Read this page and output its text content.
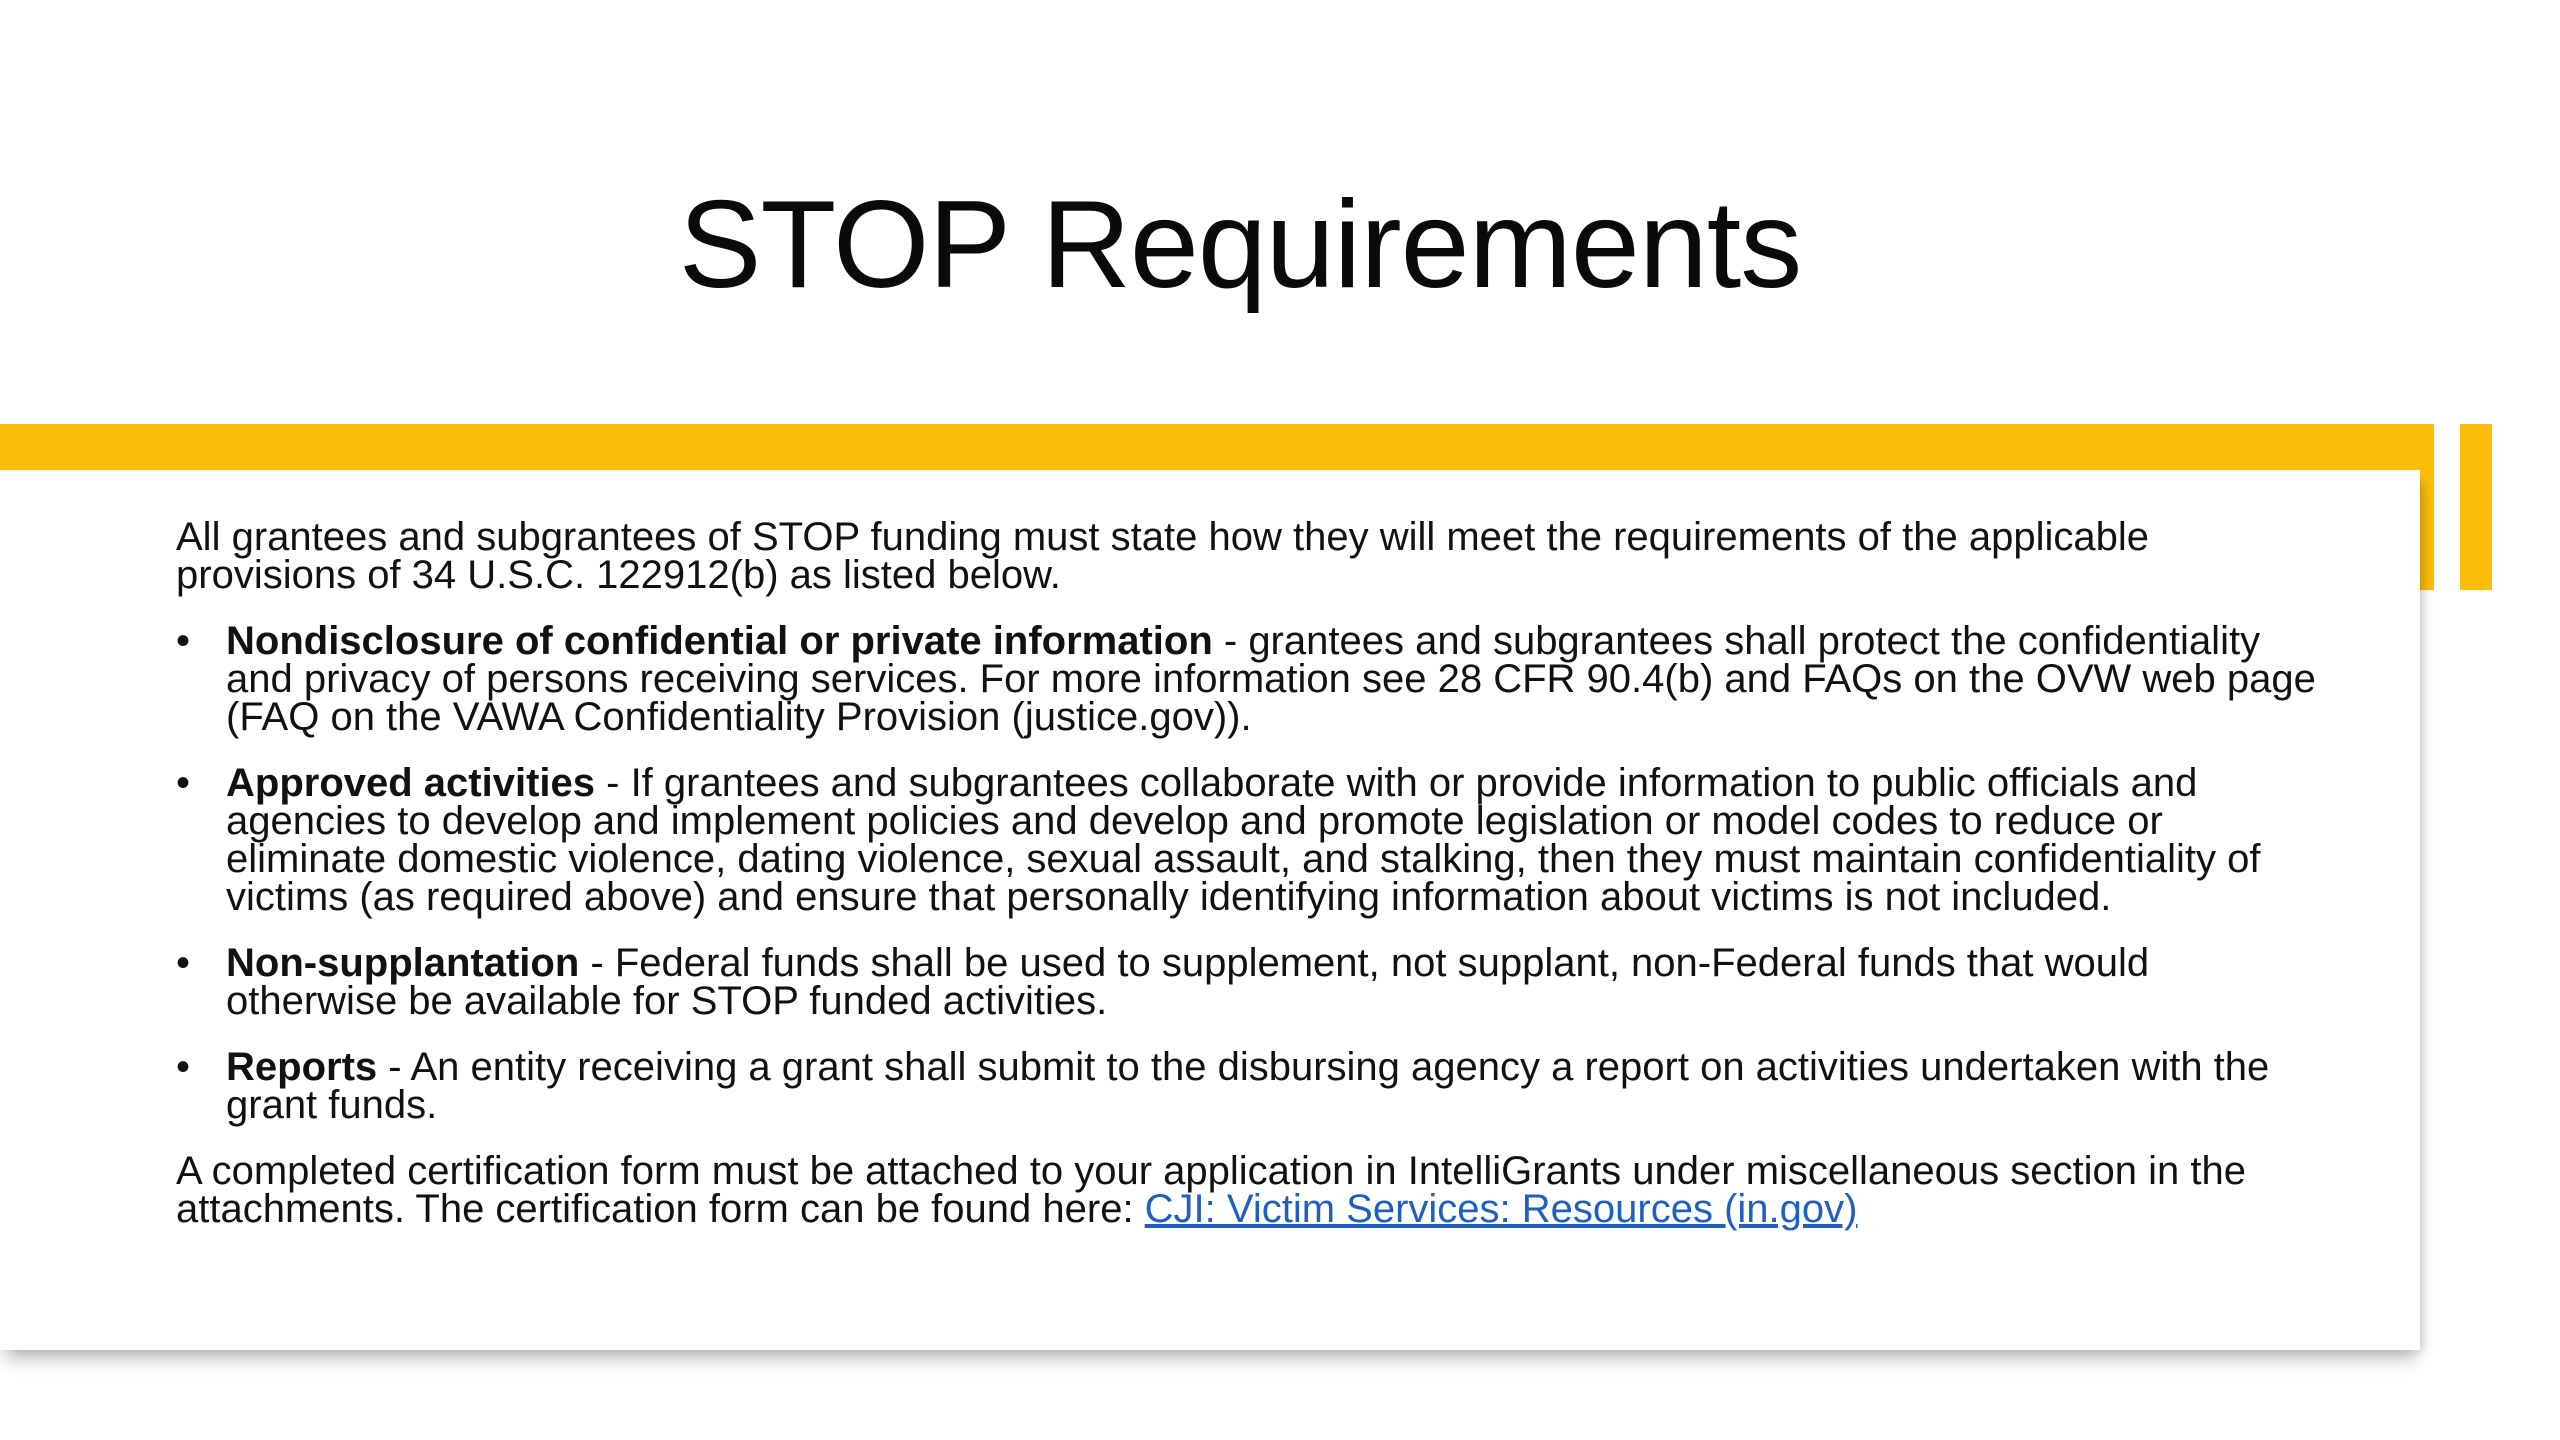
STOP Requirements

All grantees and subgrantees of STOP funding must state how they will meet the requirements of the applicable provisions of 34 U.S.C. 122912(b) as listed below.

• Nondisclosure of confidential or private information - grantees and subgrantees shall protect the confidentiality and privacy of persons receiving services. For more information see 28 CFR 90.4(b) and FAQs on the OVW web page (FAQ on the VAWA Confidentiality Provision (justice.gov)).
• Approved activities - If grantees and subgrantees collaborate with or provide information to public officials and agencies to develop and implement policies and develop and promote legislation or model codes to reduce or eliminate domestic violence, dating violence, sexual assault, and stalking, then they must maintain confidentiality of victims (as required above) and ensure that personally identifying information about victims is not included.
• Non-supplantation - Federal funds shall be used to supplement, not supplant, non-Federal funds that would otherwise be available for STOP funded activities.
• Reports - An entity receiving a grant shall submit to the disbursing agency a report on activities undertaken with the grant funds.

A completed certification form must be attached to your application in IntelliGrants under miscellaneous section in the attachments. The certification form can be found here: CJI: Victim Services: Resources (in.gov)
